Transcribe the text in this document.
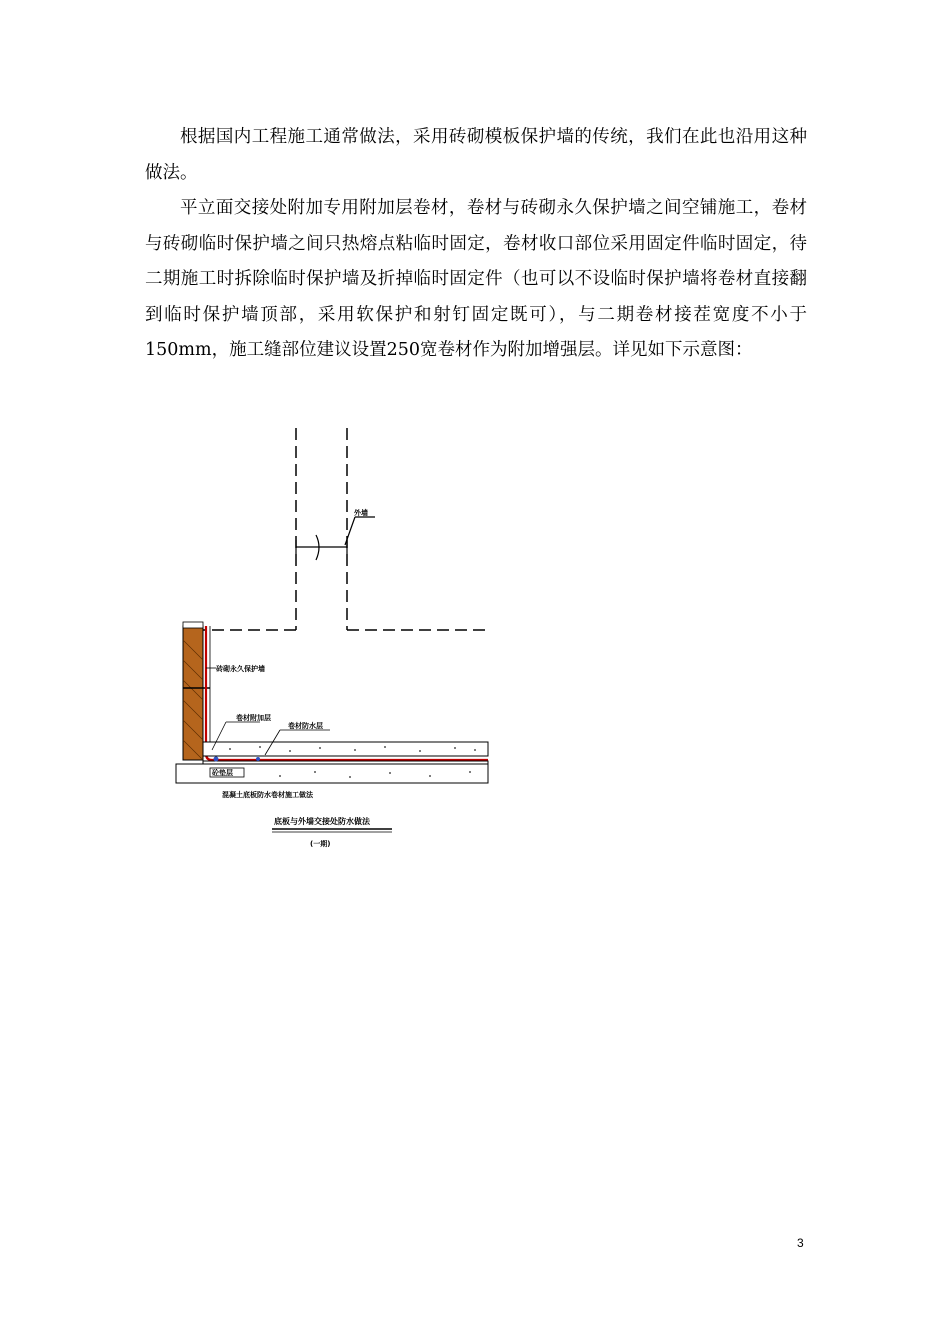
根据国内工程施工通常做法，采用砖砌模板保护墙的传统，我们在此也沿用这种做法。

平立面交接处附加专用附加层卷材，卷材与砖砌永久保护墙之间空铺施工，卷材与砖砌临时保护墙之间只热熔点粘临时固定，卷材收口部位采用固定件临时固定，待二期施工时拆除临时保护墙及折掉临时固定件（也可以不设临时保护墙将卷材直接翻到临时保护墙顶部，采用软保护和射钉固定既可），与二期卷材接茬宽度不小于150mm，施工缝部位建议设置250宽卷材作为附加增强层。详见如下示意图：

外墙
砖砌永久保护墙
卷材附加层
卷材防水层
砼垫层
混凝土底板防水卷材施工做法
底板与外墙交接处防水做法
(一期)
3
